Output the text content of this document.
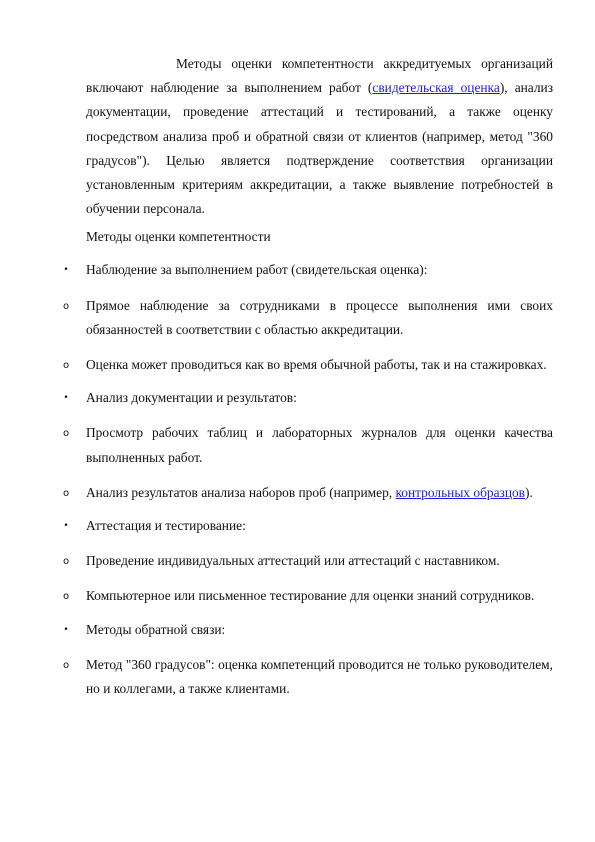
Методы оценки компетентности аккредитуемых организаций включают наблюдение за выполнением работ (свидетельская оценка), анализ документации, проведение аттестаций и тестирований, а также оценку посредством анализа проб и обратной связи от клиентов (например, метод "360 градусов"). Целью является подтверждение соответствия организации установленным критериям аккредитации, а также выявление потребностей в обучении персонала.

Методы оценки компетентности

•	Наблюдение за выполнением работ (свидетельская оценка):

o Прямое наблюдение за сотрудниками в процессе выполнения ими своих обязанностей в соответствии с областью аккредитации.

o Оценка может проводиться как во время обычной работы, так и на стажировках.

•	Анализ документации и результатов:

o Просмотр рабочих таблиц и лабораторных журналов для оценки качества выполненных работ.

o Анализ результатов анализа наборов проб (например, контрольных образцов).

•	Аттестация и тестирование:

o Проведение индивидуальных аттестаций или аттестаций с наставником.

o Компьютерное или письменное тестирование для оценки знаний сотрудников.

•	Методы обратной связи:

o Метод "360 градусов": оценка компетенций проводится не только руководителем, но и коллегами, а также клиентами.
